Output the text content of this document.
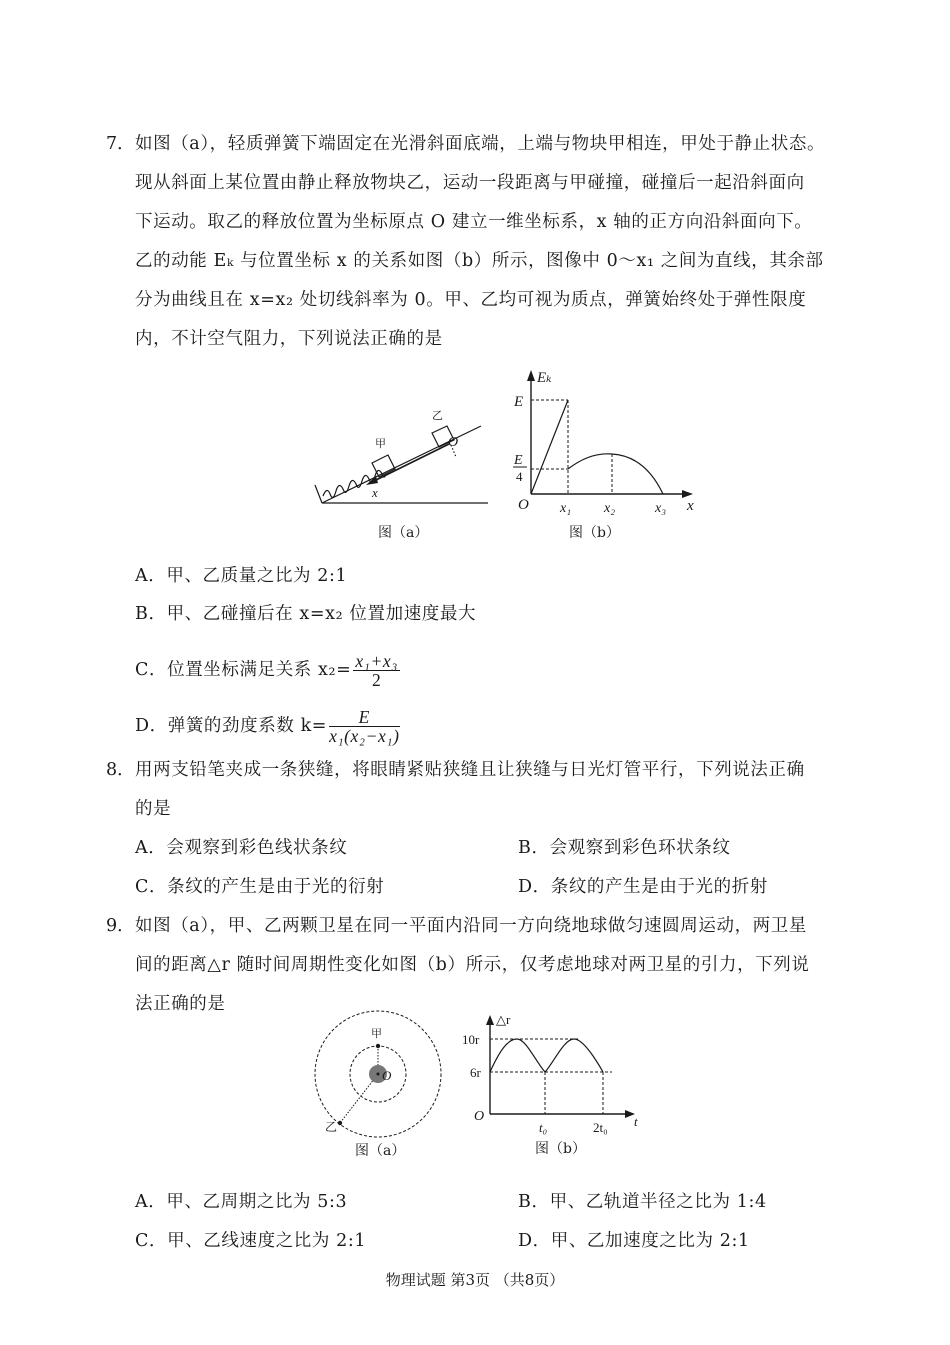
7． 如图（a），轻质弹簧下端固定在光滑斜面底端，上端与物块甲相连，甲处于静止状态。
现从斜面上某位置由静止释放物块乙，运动一段距离与甲碰撞，碰撞后一起沿斜面向
下运动。取乙的释放位置为坐标原点 O 建立一维坐标系，x 轴的正方向沿斜面向下。
乙的动能 Eₖ 与位置坐标 x 的关系如图（b）所示，图像中 0～x₁ 之间为直线，其余部
分为曲线且在 x=x₂ 处切线斜率为 0。甲、乙均可视为质点，弹簧始终处于弹性限度
内，不计空气阻力，下列说法正确的是
甲
乙
O
x
图（a）
Eₖ
E
E
4
O x₁ x₂	x₃ x
图（b）
A．甲、乙质量之比为 2:1
B．甲、乙碰撞后在 x=x₂ 位置加速度最大
C．位置坐标满足关系 $x_2= \frac{\text{x₁+x₃}}{2}$
D．弹簧的劲度系数 $k= \frac{E}{\text{x₁(x₂−x₁)}}$
8． 用两支铅笔夹成一条狭缝，将眼睛紧贴狭缝且让狭缝与日光灯管平行，下列说法正确
的是
A．会观察到彩色线状条纹	B．会观察到彩色环状条纹
C．条纹的产生是由于光的衍射	D．条纹的产生是由于光的折射
9． 如图（a），甲、乙两颗卫星在同一平面内沿同一方向绕地球做匀速圆周运动，两卫星
间的距离△r 随时间周期性变化如图（b）所示，仅考虑地球对两卫星的引力，下列说
法正确的是
甲
乙
O
图（a）
△r
10r
6r
O
t₀	2t₀ t
图（b）
A．甲、乙周期之比为 5:3	B．甲、乙轨道半径之比为 1:4
C．甲、乙线速度之比为 2:1	D．甲、乙加速度之比为 2:1
物理试题 第3页 （共8页）
